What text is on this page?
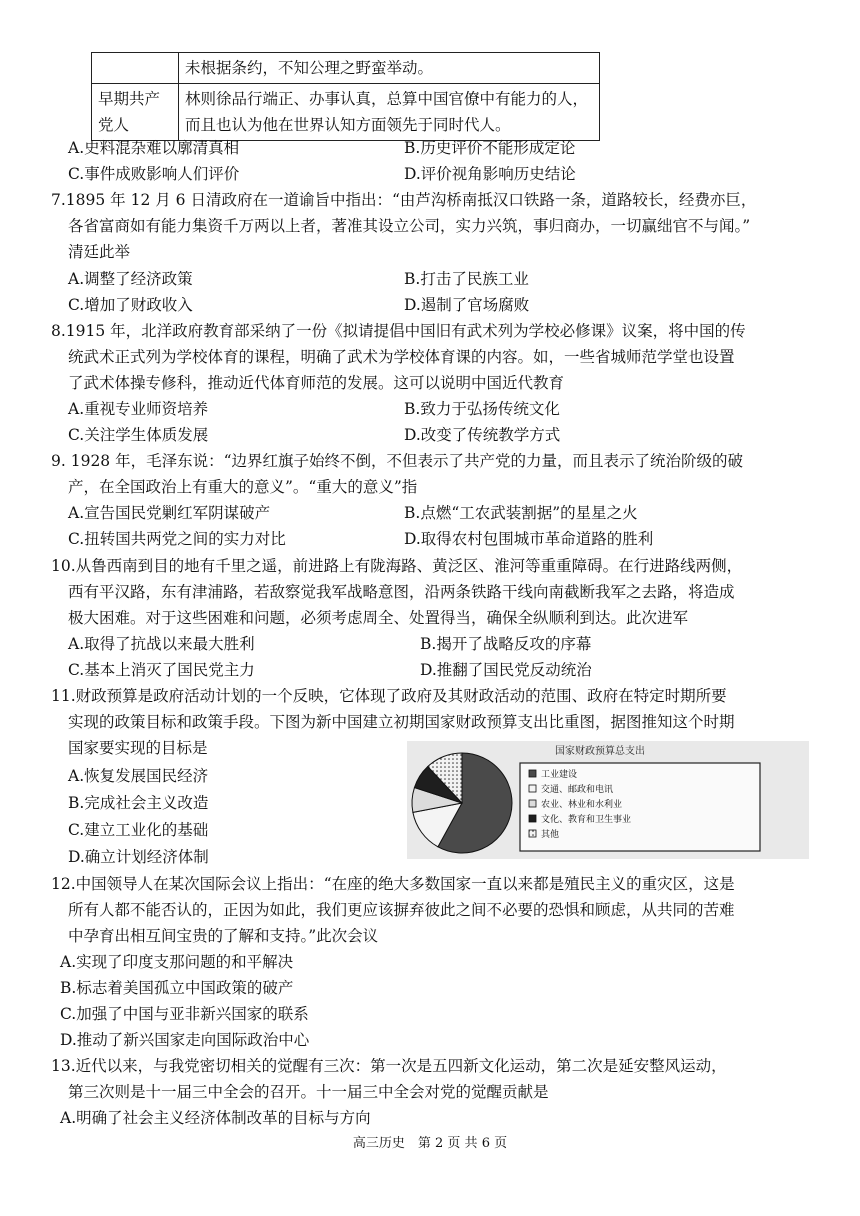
	未根据条约，不知公理之野蛮举动。
早期共产党人	林则徐品行端正、办事认真，总算中国官僚中有能力的人，而且也认为他在世界认知方面领先于同时代人。
A.史料混杂难以廓清真相	B.历史评价不能形成定论
C.事件成败影响人们评价	D.评价视角影响历史结论
7.1895 年 12 月 6 日清政府在一道谕旨中指出：“由芦沟桥南抵汉口铁路一条，道路较长，经费亦巨，
各省富商如有能力集资千万两以上者，著准其设立公司，实力兴筑，事归商办，一切赢绌官不与闻。”
清廷此举
A.调整了经济政策	B.打击了民族工业
C.增加了财政收入	D.遏制了官场腐败
8.1915 年，北洋政府教育部采纳了一份《拟请提倡中国旧有武术列为学校必修课》议案，将中国的传
统武术正式列为学校体育的课程，明确了武术为学校体育课的内容。如，一些省城师范学堂也设置
了武术体操专修科，推动近代体育师范的发展。这可以说明中国近代教育
A.重视专业师资培养	B.致力于弘扬传统文化
C.关注学生体质发展	D.改变了传统教学方式
9. 1928 年，毛泽东说：“边界红旗子始终不倒，不但表示了共产党的力量，而且表示了统治阶级的破
产，在全国政治上有重大的意义”。“重大的意义”指
A.宣告国民党剿红军阴谋破产	B.点燃“工农武装割据”的星星之火
C.扭转国共两党之间的实力对比	D.取得农村包围城市革命道路的胜利
10.从鲁西南到目的地有千里之遥，前进路上有陇海路、黄泛区、淮河等重重障碍。在行进路线两侧，
西有平汉路，东有津浦路，若敌察觉我军战略意图，沿两条铁路干线向南截断我军之去路，将造成
极大困难。对于这些困难和问题，必须考虑周全、处置得当，确保全纵顺利到达。此次进军
A.取得了抗战以来最大胜利	B.揭开了战略反攻的序幕
C.基本上消灭了国民党主力	D.推翻了国民党反动统治
11.财政预算是政府活动计划的一个反映，它体现了政府及其财政活动的范围、政府在特定时期所要
实现的政策目标和政策手段。下图为新中国建立初期国家财政预算支出比重图，据图推知这个时期
国家要实现的目标是
A.恢复发展国民经济
B.完成社会主义改造
C.建立工业化的基础
D.确立计划经济体制
国家财政预算总支出
工业建设
交通、邮政和电讯
农业、林业和水利业
文化、教育和卫生事业
其他
12.中国领导人在某次国际会议上指出：“在座的绝大多数国家一直以来都是殖民主义的重灾区，这是
所有人都不能否认的，正因为如此，我们更应该摒弃彼此之间不必要的恐惧和顾虑，从共同的苦难
中孕育出相互间宝贵的了解和支持。”此次会议
A.实现了印度支那问题的和平解决
B.标志着美国孤立中国政策的破产
C.加强了中国与亚非新兴国家的联系
D.推动了新兴国家走向国际政治中心
13.近代以来，与我党密切相关的觉醒有三次：第一次是五四新文化运动，第二次是延安整风运动，
第三次则是十一届三中全会的召开。十一届三中全会对党的觉醒贡献是
A.明确了社会主义经济体制改革的目标与方向
高三历史　第 2 页 共 6 页
